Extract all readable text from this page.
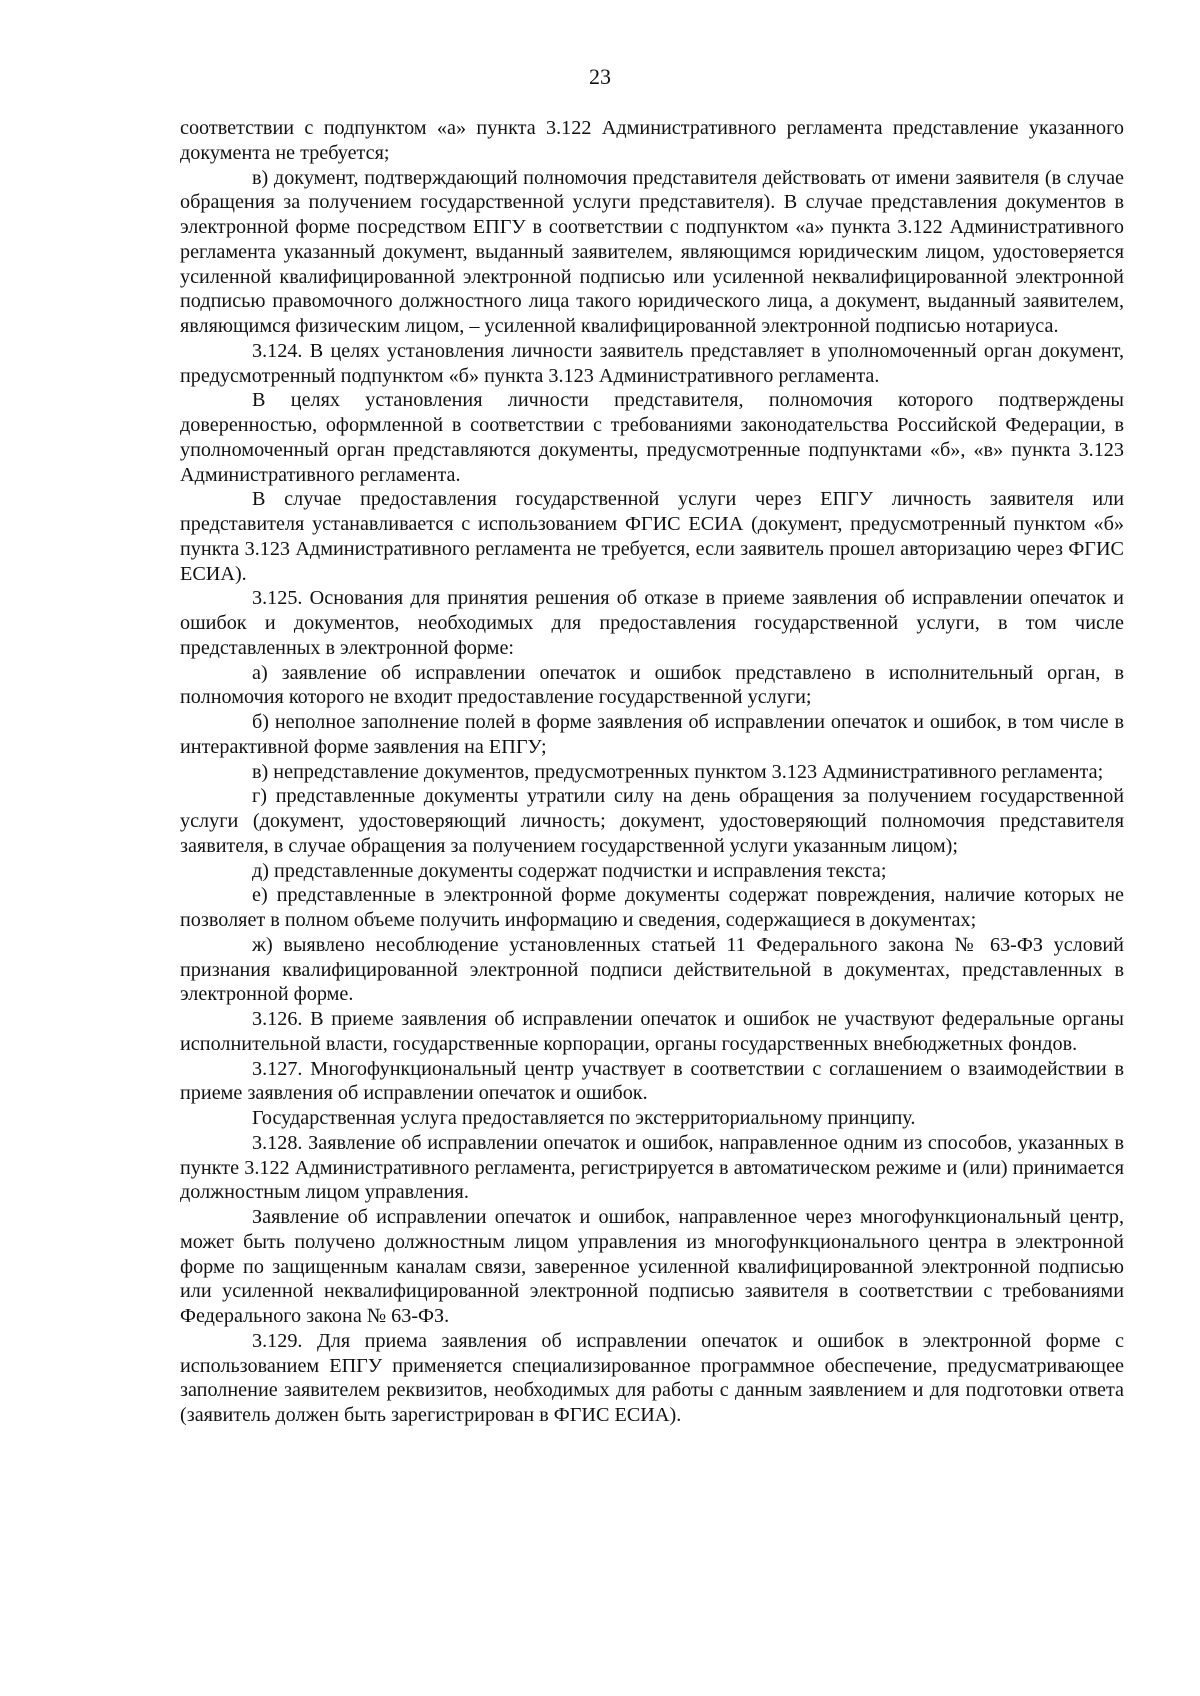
23

соответствии с подпунктом «а» пункта 3.122 Административного регламента представление указанного документа не требуется;

в) документ, подтверждающий полномочия представителя действовать от имени заявителя (в случае обращения за получением государственной услуги представителя). В случае представления документов в электронной форме посредством ЕПГУ в соответствии с подпунктом «а» пункта 3.122 Административного регламента указанный документ, выданный заявителем, являющимся юридическим лицом, удостоверяется усиленной квалифицированной электронной подписью или усиленной неквалифицированной электронной подписью правомочного должностного лица такого юридического лица, а документ, выданный заявителем, являющимся физическим лицом, – усиленной квалифицированной электронной подписью нотариуса.

3.124. В целях установления личности заявитель представляет в уполномоченный орган документ, предусмотренный подпунктом «б» пункта 3.123 Административного регламента.

В целях установления личности представителя, полномочия которого подтверждены доверенностью, оформленной в соответствии с требованиями законодательства Российской Федерации, в уполномоченный орган представляются документы, предусмотренные подпунктами «б», «в» пункта 3.123 Административного регламента.

В случае предоставления государственной услуги через ЕПГУ личность заявителя или представителя устанавливается с использованием ФГИС ЕСИА (документ, предусмотренный пунктом «б» пункта 3.123 Административного регламента не требуется, если заявитель прошел авторизацию через ФГИС ЕСИА).

3.125. Основания для принятия решения об отказе в приеме заявления об исправлении опечаток и ошибок и документов, необходимых для предоставления государственной услуги, в том числе представленных в электронной форме:

а) заявление об исправлении опечаток и ошибок представлено в исполнительный орган, в полномочия которого не входит предоставление государственной услуги;

б) неполное заполнение полей в форме заявления об исправлении опечаток и ошибок, в том числе в интерактивной форме заявления на ЕПГУ;

в) непредставление документов, предусмотренных пунктом 3.123 Административного регламента;

г) представленные документы утратили силу на день обращения за получением государственной услуги (документ, удостоверяющий личность; документ, удостоверяющий полномочия представителя заявителя, в случае обращения за получением государственной услуги указанным лицом);

д) представленные документы содержат подчистки и исправления текста;

е) представленные в электронной форме документы содержат повреждения, наличие которых не позволяет в полном объеме получить информацию и сведения, содержащиеся в документах;

ж) выявлено несоблюдение установленных статьей 11 Федерального закона № 63-ФЗ условий признания квалифицированной электронной подписи действительной в документах, представленных в электронной форме.

3.126. В приеме заявления об исправлении опечаток и ошибок не участвуют федеральные органы исполнительной власти, государственные корпорации, органы государственных внебюджетных фондов.

3.127. Многофункциональный центр участвует в соответствии с соглашением о взаимодействии в приеме заявления об исправлении опечаток и ошибок.

Государственная услуга предоставляется по экстерриториальному принципу.

3.128. Заявление об исправлении опечаток и ошибок, направленное одним из способов, указанных в пункте 3.122 Административного регламента, регистрируется в автоматическом режиме и (или) принимается должностным лицом управления.

Заявление об исправлении опечаток и ошибок, направленное через многофункциональный центр, может быть получено должностным лицом управления из многофункционального центра в электронной форме по защищенным каналам связи, заверенное усиленной квалифицированной электронной подписью или усиленной неквалифицированной электронной подписью заявителя в соответствии с требованиями Федерального закона № 63-ФЗ.

3.129. Для приема заявления об исправлении опечаток и ошибок в электронной форме с использованием ЕПГУ применяется специализированное программное обеспечение, предусматривающее заполнение заявителем реквизитов, необходимых для работы с данным заявлением и для подготовки ответа (заявитель должен быть зарегистрирован в ФГИС ЕСИА).
